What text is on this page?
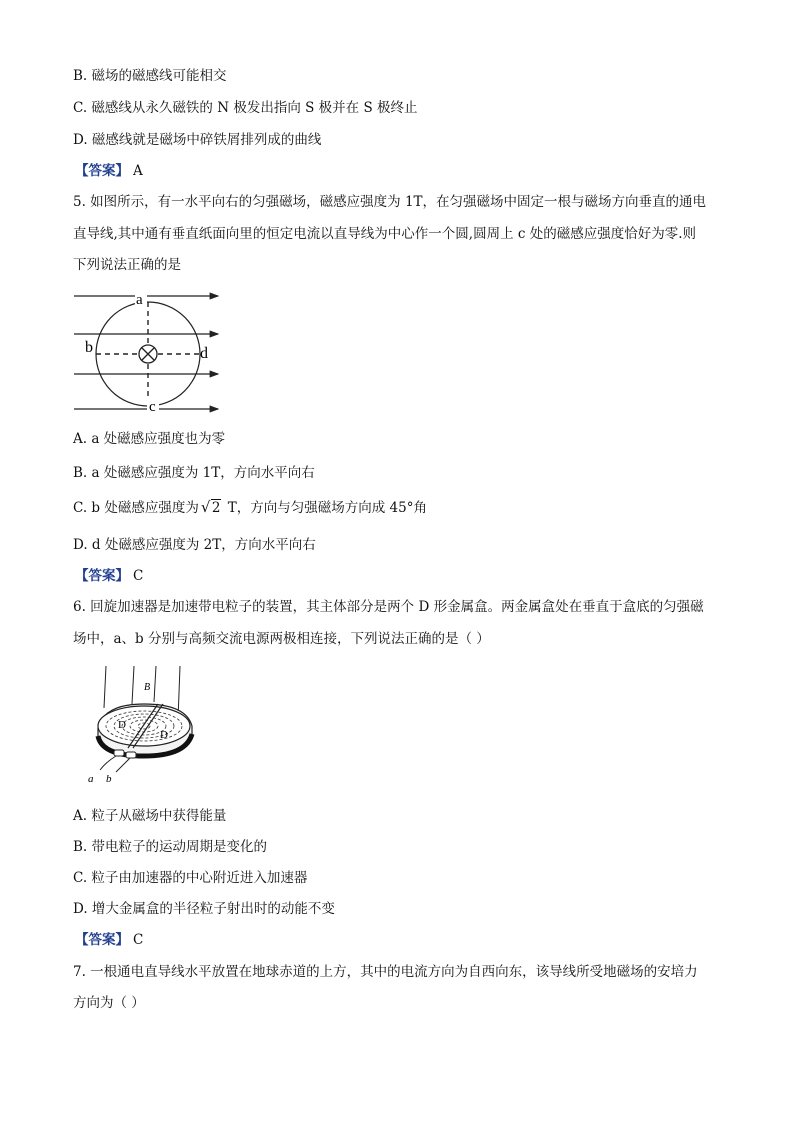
B. 磁场的磁感线可能相交
C. 磁感线从永久磁铁的 N 极发出指向 S 极并在 S 极终止
D. 磁感线就是磁场中碎铁屑排列成的曲线
【答案】 A
5. 如图所示，有一水平向右的匀强磁场，磁感应强度为 1T，在匀强磁场中固定一根与磁场方向垂直的通电
直导线,其中通有垂直纸面向里的恒定电流以直导线为中心作一个圆,圆周上 c 处的磁感应强度恰好为零.则
下列说法正确的是
a
b	d
c
A. a 处磁感应强度也为零
B. a 处磁感应强度为 1T，方向水平向右
C. b 处磁感应强度为√ 2 T，方向与匀强磁场方向成 45°角
D. d 处磁感应强度为 2T，方向水平向右
【答案】 C
6. 回旋加速器是加速带电粒子的装置，其主体部分是两个 D 形金属盒。两金属盒处在垂直于盒底的匀强磁
场中，a、b 分别与高频交流电源两极相连接，下列说法正确的是（ ）
B
D
D
a b
A. 粒子从磁场中获得能量
B. 带电粒子的运动周期是变化的
C. 粒子由加速器的中心附近进入加速器
D. 增大金属盒的半径粒子射出时的动能不变
【答案】 C
7. 一根通电直导线水平放置在地球赤道的上方，其中的电流方向为自西向东，该导线所受地磁场的安培力
方向为（ ）
